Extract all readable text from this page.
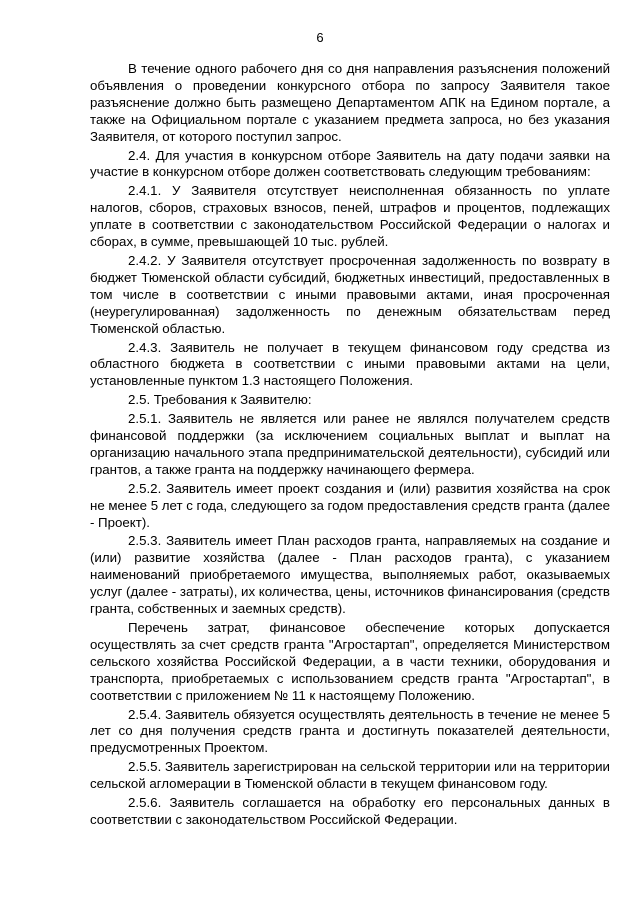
6

В течение одного рабочего дня со дня направления разъяснения положений объявления о проведении конкурсного отбора по запросу Заявителя такое разъяснение должно быть размещено Департаментом АПК на Едином портале, а также на Официальном портале с указанием предмета запроса, но без указания Заявителя, от которого поступил запрос.

2.4. Для участия в конкурсном отборе Заявитель на дату подачи заявки на участие в конкурсном отборе должен соответствовать следующим требованиям:

2.4.1. У Заявителя отсутствует неисполненная обязанность по уплате налогов, сборов, страховых взносов, пеней, штрафов и процентов, подлежащих уплате в соответствии с законодательством Российской Федерации о налогах и сборах, в сумме, превышающей 10 тыс. рублей.

2.4.2. У Заявителя отсутствует просроченная задолженность по возврату в бюджет Тюменской области субсидий, бюджетных инвестиций, предоставленных в том числе в соответствии с иными правовыми актами, иная просроченная (неурегулированная) задолженность по денежным обязательствам перед Тюменской областью.

2.4.3. Заявитель не получает в текущем финансовом году средства из областного бюджета в соответствии с иными правовыми актами на цели, установленные пунктом 1.3 настоящего Положения.

2.5. Требования к Заявителю:

2.5.1. Заявитель не является или ранее не являлся получателем средств финансовой поддержки (за исключением социальных выплат и выплат на организацию начального этапа предпринимательской деятельности), субсидий или грантов, а также гранта на поддержку начинающего фермера.

2.5.2. Заявитель имеет проект создания и (или) развития хозяйства на срок не менее 5 лет с года, следующего за годом предоставления средств гранта (далее - Проект).

2.5.3. Заявитель имеет План расходов гранта, направляемых на создание и (или) развитие хозяйства (далее - План расходов гранта), с указанием наименований приобретаемого имущества, выполняемых работ, оказываемых услуг (далее - затраты), их количества, цены, источников финансирования (средств гранта, собственных и заемных средств).

Перечень затрат, финансовое обеспечение которых допускается осуществлять за счет средств гранта "Агростартап", определяется Министерством сельского хозяйства Российской Федерации, а в части техники, оборудования и транспорта, приобретаемых с использованием средств гранта "Агростартап", в соответствии с приложением № 11 к настоящему Положению.

2.5.4. Заявитель обязуется осуществлять деятельность в течение не менее 5 лет со дня получения средств гранта и достигнуть показателей деятельности, предусмотренных Проектом.

2.5.5. Заявитель зарегистрирован на сельской территории или на территории сельской агломерации в Тюменской области в текущем финансовом году.

2.5.6. Заявитель соглашается на обработку его персональных данных в соответствии с законодательством Российской Федерации.
